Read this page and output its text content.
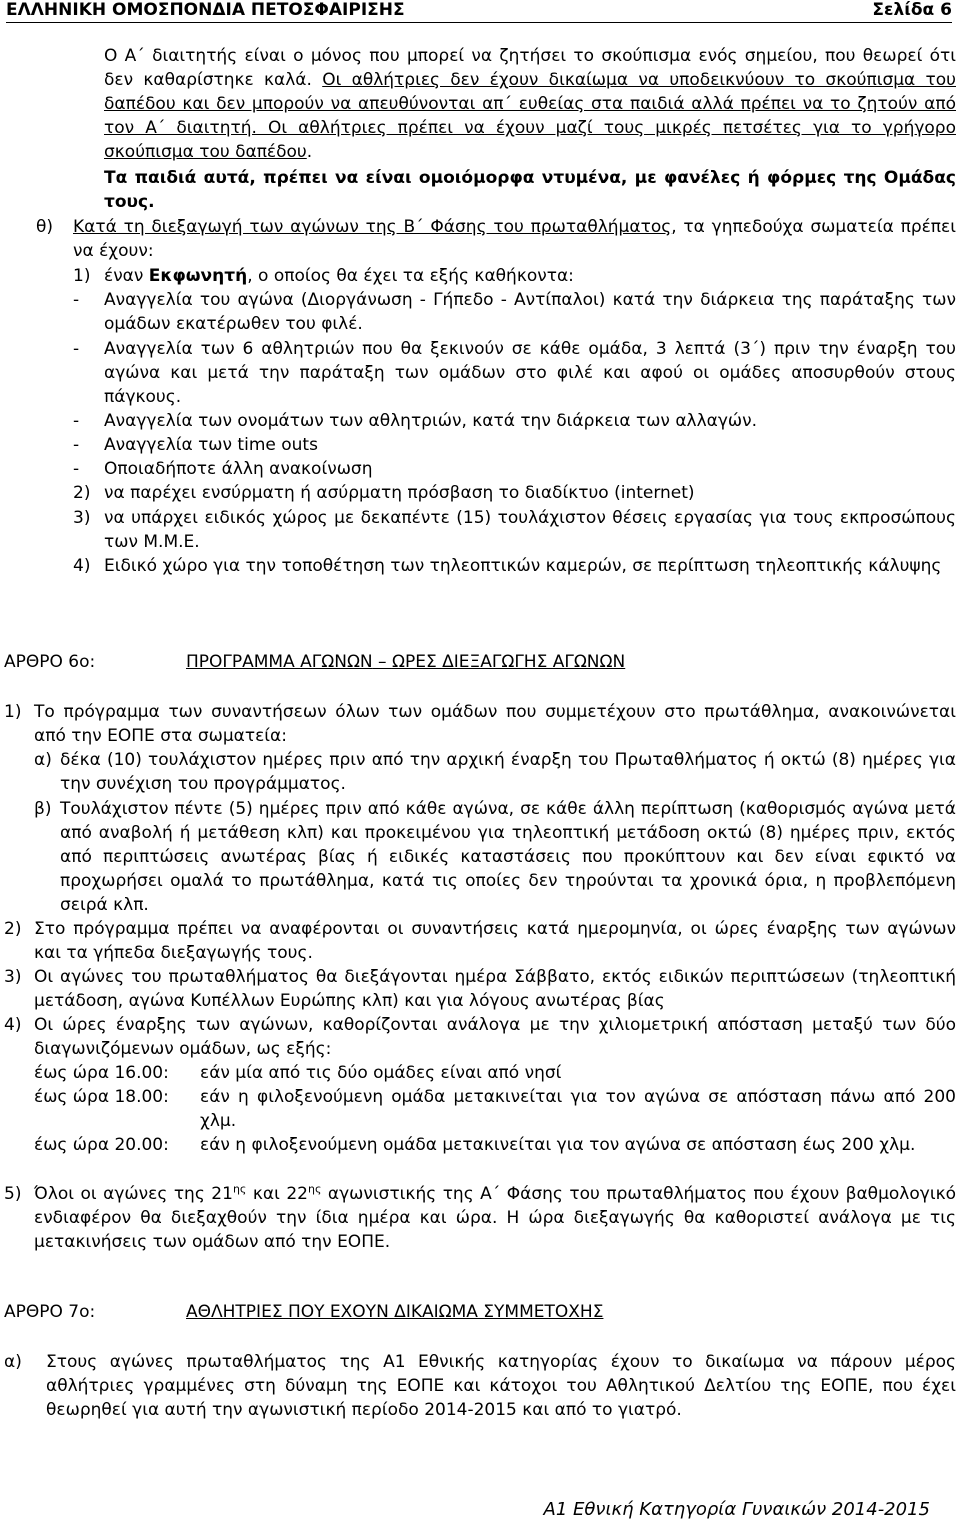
ΕΛΛΗΝΙΚΗ ΟΜΟΣΠΟΝΔΙΑ ΠΕΤΟΣΦΑΙΡΙΣΗΣ	Σελίδα 6
Ο Α΄ διαιτητής είναι ο μόνος που μπορεί να ζητήσει το σκούπισμα ενός σημείου, που θεωρεί ότι δεν καθαρίστηκε καλά. Οι αθλήτριες δεν έχουν δικαίωμα να υποδεικνύουν το σκούπισμα του δαπέδου και δεν μπορούν να απευθύνονται απ΄ ευθείας στα παιδιά αλλά πρέπει να το ζητούν από τον Α΄ διαιτητή. Οι αθλήτριες πρέπει να έχουν μαζί τους μικρές πετσέτες για το γρήγορο σκούπισμα του δαπέδου.
Τα παιδιά αυτά, πρέπει να είναι ομοιόμορφα ντυμένα, με φανέλες ή φόρμες της Ομάδας τους.
θ) Κατά τη διεξαγωγή των αγώνων της Β΄ Φάσης του πρωταθλήματος, τα γηπεδούχα σωματεία πρέπει να έχουν:
1) έναν Εκφωνητή, ο οποίος θα έχει τα εξής καθήκοντα:
- Αναγγελία του αγώνα (Διοργάνωση - Γήπεδο - Αντίπαλοι) κατά την διάρκεια της παράταξης των ομάδων εκατέρωθεν του φιλέ.
- Αναγγελία των 6 αθλητριών που θα ξεκινούν σε κάθε ομάδα, 3 λεπτά (3΄) πριν την έναρξη του αγώνα και μετά την παράταξη των ομάδων στο φιλέ και αφού οι ομάδες αποσυρθούν στους πάγκους.
- Αναγγελία των ονομάτων των αθλητριών, κατά την διάρκεια των αλλαγών.
- Αναγγελία των time outs
- Οποιαδήποτε άλλη ανακοίνωση
2) να παρέχει ενσύρματη ή ασύρματη πρόσβαση το διαδίκτυο (internet)
3) να υπάρχει ειδικός χώρος με δεκαπέντε (15) τουλάχιστον θέσεις εργασίας για τους εκπροσώπους των Μ.Μ.Ε.
4) Ειδικό χώρο για την τοποθέτηση των τηλεοπτικών καμερών, σε περίπτωση τηλεοπτικής κάλυψης
ΑΡΘΡΟ 6ο:	ΠΡΟΓΡΑΜΜΑ ΑΓΩΝΩΝ – ΩΡΕΣ ΔΙΕΞΑΓΩΓΗΣ ΑΓΩΝΩΝ
1) Το πρόγραμμα των συναντήσεων όλων των ομάδων που συμμετέχουν στο πρωτάθλημα, ανακοινώνεται από την ΕΟΠΕ στα σωματεία:
α) δέκα (10) τουλάχιστον ημέρες πριν από την αρχική έναρξη του Πρωταθλήματος ή οκτώ (8) ημέρες για την συνέχιση του προγράμματος.
β) Τουλάχιστον πέντε (5) ημέρες πριν από κάθε αγώνα, σε κάθε άλλη περίπτωση (καθορισμός αγώνα μετά από αναβολή ή μετάθεση κλπ) και προκειμένου για τηλεοπτική μετάδοση οκτώ (8) ημέρες πριν, εκτός από περιπτώσεις ανωτέρας βίας ή ειδικές καταστάσεις που προκύπτουν και δεν είναι εφικτό να προχωρήσει ομαλά το πρωτάθλημα, κατά τις οποίες δεν τηρούνται τα χρονικά όρια, η προβλεπόμενη σειρά κλπ.
2) Στο πρόγραμμα πρέπει να αναφέρονται οι συναντήσεις κατά ημερομηνία, οι ώρες έναρξης των αγώνων και τα γήπεδα διεξαγωγής τους.
3) Οι αγώνες του πρωταθλήματος θα διεξάγονται ημέρα Σάββατο, εκτός ειδικών περιπτώσεων (τηλεοπτική μετάδοση, αγώνα Κυπέλλων Ευρώπης κλπ) και για λόγους ανωτέρας βίας
4) Οι ώρες έναρξης των αγώνων, καθορίζονται ανάλογα με την χιλιομετρική απόσταση μεταξύ των δύο διαγωνιζόμενων ομάδων, ως εξής:
έως ώρα 16.00: εάν μία από τις δύο ομάδες είναι από νησί
έως ώρα 18.00: εάν η φιλοξενούμενη ομάδα μετακινείται για τον αγώνα σε απόσταση πάνω από 200 χλμ.
έως ώρα 20.00: εάν η φιλοξενούμενη ομάδα μετακινείται για τον αγώνα σε απόσταση έως 200 χλμ.
5) Όλοι οι αγώνες της $21^{\eta\varsigma}$ και $22^{\eta\varsigma}$ αγωνιστικής της Α΄ Φάσης του πρωταθλήματος που έχουν βαθμολογικό ενδιαφέρον θα διεξαχθούν την ίδια ημέρα και ώρα. Η ώρα διεξαγωγής θα καθοριστεί ανάλογα με τις μετακινήσεις των ομάδων από την ΕΟΠΕ.
ΑΡΘΡΟ 7ο:	ΑΘΛΗΤΡΙΕΣ ΠΟΥ ΕΧΟΥΝ ΔΙΚΑΙΩΜΑ ΣΥΜΜΕΤΟΧΗΣ
α) Στους αγώνες πρωταθλήματος της Α1 Εθνικής κατηγορίας έχουν το δικαίωμα να πάρουν μέρος αθλήτριες γραμμένες στη δύναμη της ΕΟΠΕ και κάτοχοι του Αθλητικού Δελτίου της ΕΟΠΕ, που έχει θεωρηθεί για αυτή την αγωνιστική περίοδο 2014-2015 και από το γιατρό.
Α1 Εθνική Κατηγορία Γυναικών 2014-2015
